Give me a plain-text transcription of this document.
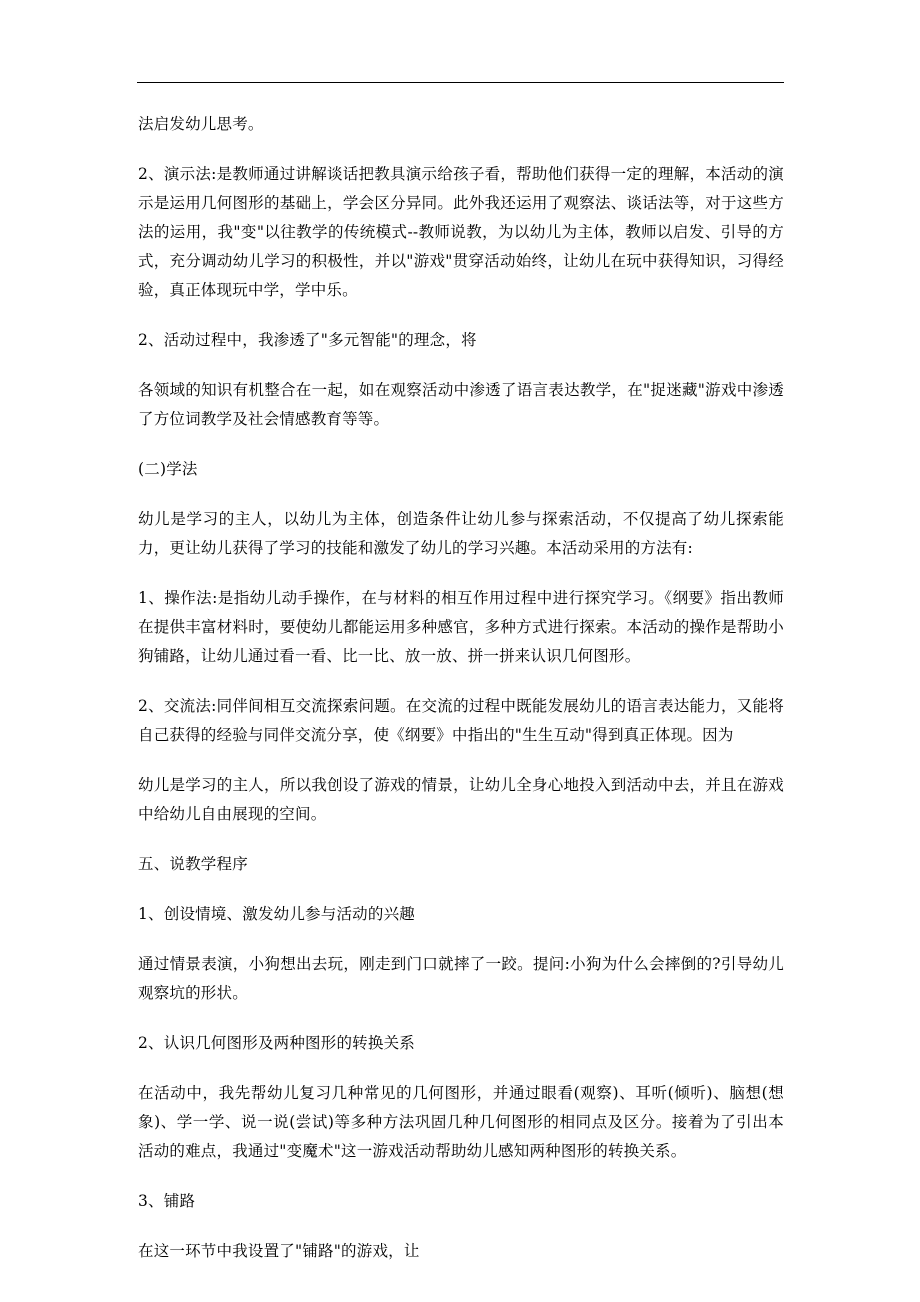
法启发幼儿思考。

2、演示法:是教师通过讲解谈话把教具演示给孩子看，帮助他们获得一定的理解，本活动的演示是运用几何图形的基础上，学会区分异同。此外我还运用了观察法、谈话法等，对于这些方法的运用，我"变"以往教学的传统模式--教师说教，为以幼儿为主体，教师以启发、引导的方式，充分调动幼儿学习的积极性，并以"游戏"贯穿活动始终，让幼儿在玩中获得知识，习得经验，真正体现玩中学，学中乐。

2、活动过程中，我渗透了"多元智能"的理念，将

各领域的知识有机整合在一起，如在观察活动中渗透了语言表达教学，在"捉迷藏"游戏中渗透了方位词教学及社会情感教育等等。

(二)学法

幼儿是学习的主人，以幼儿为主体，创造条件让幼儿参与探索活动，不仅提高了幼儿探索能力，更让幼儿获得了学习的技能和激发了幼儿的学习兴趣。本活动采用的方法有:

1、操作法:是指幼儿动手操作，在与材料的相互作用过程中进行探究学习。《纲要》指出教师在提供丰富材料时，要使幼儿都能运用多种感官，多种方式进行探索。本活动的操作是帮助小狗铺路，让幼儿通过看一看、比一比、放一放、拼一拼来认识几何图形。

2、交流法:同伴间相互交流探索问题。在交流的过程中既能发展幼儿的语言表达能力，又能将自己获得的经验与同伴交流分享，使《纲要》中指出的"生生互动"得到真正体现。因为

幼儿是学习的主人，所以我创设了游戏的情景，让幼儿全身心地投入到活动中去，并且在游戏中给幼儿自由展现的空间。

五、说教学程序

1、创设情境、激发幼儿参与活动的兴趣

通过情景表演，小狗想出去玩，刚走到门口就摔了一跤。提问:小狗为什么会摔倒的?引导幼儿观察坑的形状。

2、认识几何图形及两种图形的转换关系

在活动中，我先帮幼儿复习几种常见的几何图形，并通过眼看(观察)、耳听(倾听)、脑想(想象)、学一学、说一说(尝试)等多种方法巩固几种几何图形的相同点及区分。接着为了引出本活动的难点，我通过"变魔术"这一游戏活动帮助幼儿感知两种图形的转换关系。

3、铺路

在这一环节中我设置了"铺路"的游戏，让
